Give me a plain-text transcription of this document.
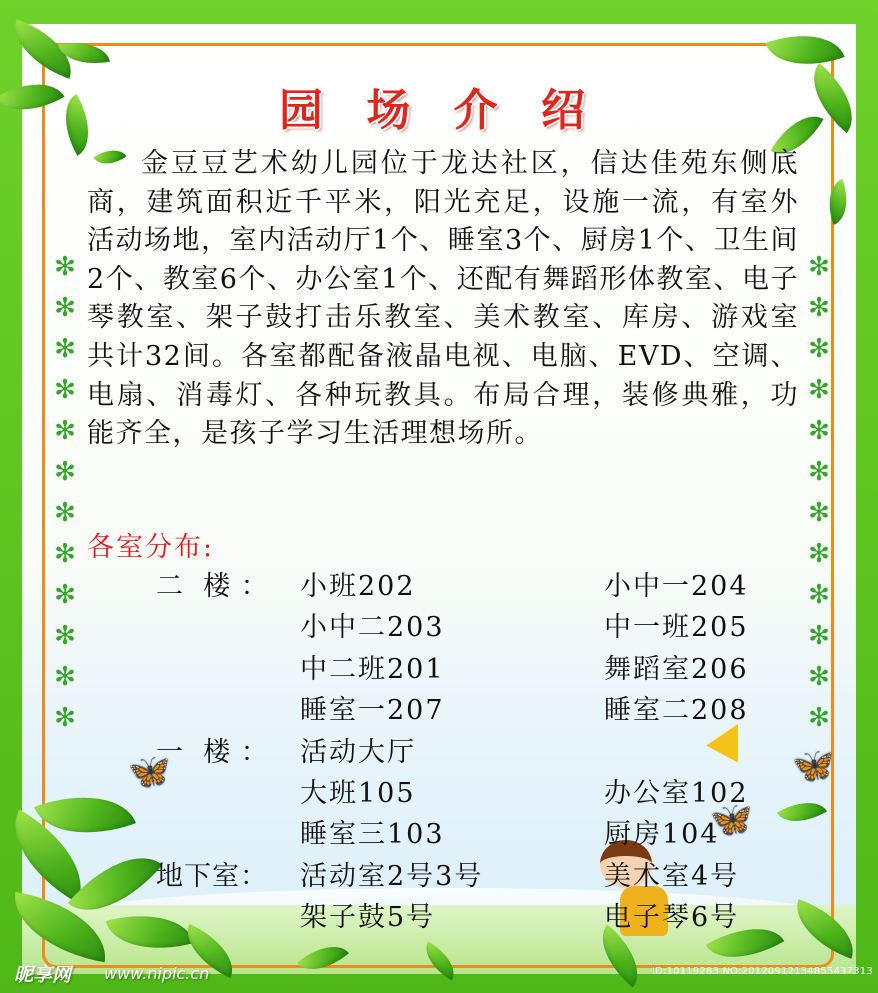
✻
✻
✻
✻
✻
✻
✻
✻
✻
✻
✻
✻
✻
✻
✻
✻
✻
✻
✻
✻
✻
✻
✻
✻
🦋	🦋
🦋
园 场 介 绍

金豆豆艺术幼儿园位于龙达社区，信达佳苑东侧底商，建筑面积近千平米，阳光充足，设施一流，有室外活动场地，室内活动厅1个、睡室3个、厨房1个、卫生间2个、教室6个、办公室1个、还配有舞蹈形体教室、电子琴教室、架子鼓打击乐教室、美术教室、库房、游戏室共计32间。各室都配备液晶电视、电脑、EVD、空调、电扇、消毒灯、各种玩教具。布局合理，装修典雅，功能齐全，是孩子学习生活理想场所。

各室分布:
二  楼 ： 小班202	小中一204
小中二203	中一班205
中二班201	舞蹈室206
睡室一207	睡室二208
一  楼 ： 活动大厅
大班105	办公室102
睡室三103	厨房104
地下室： 活动室2号3号	美术室4号
架子鼓5号	电子琴6号
昵享网 www.nipic.cn	ID:10119283 NO:20120912134855437313
